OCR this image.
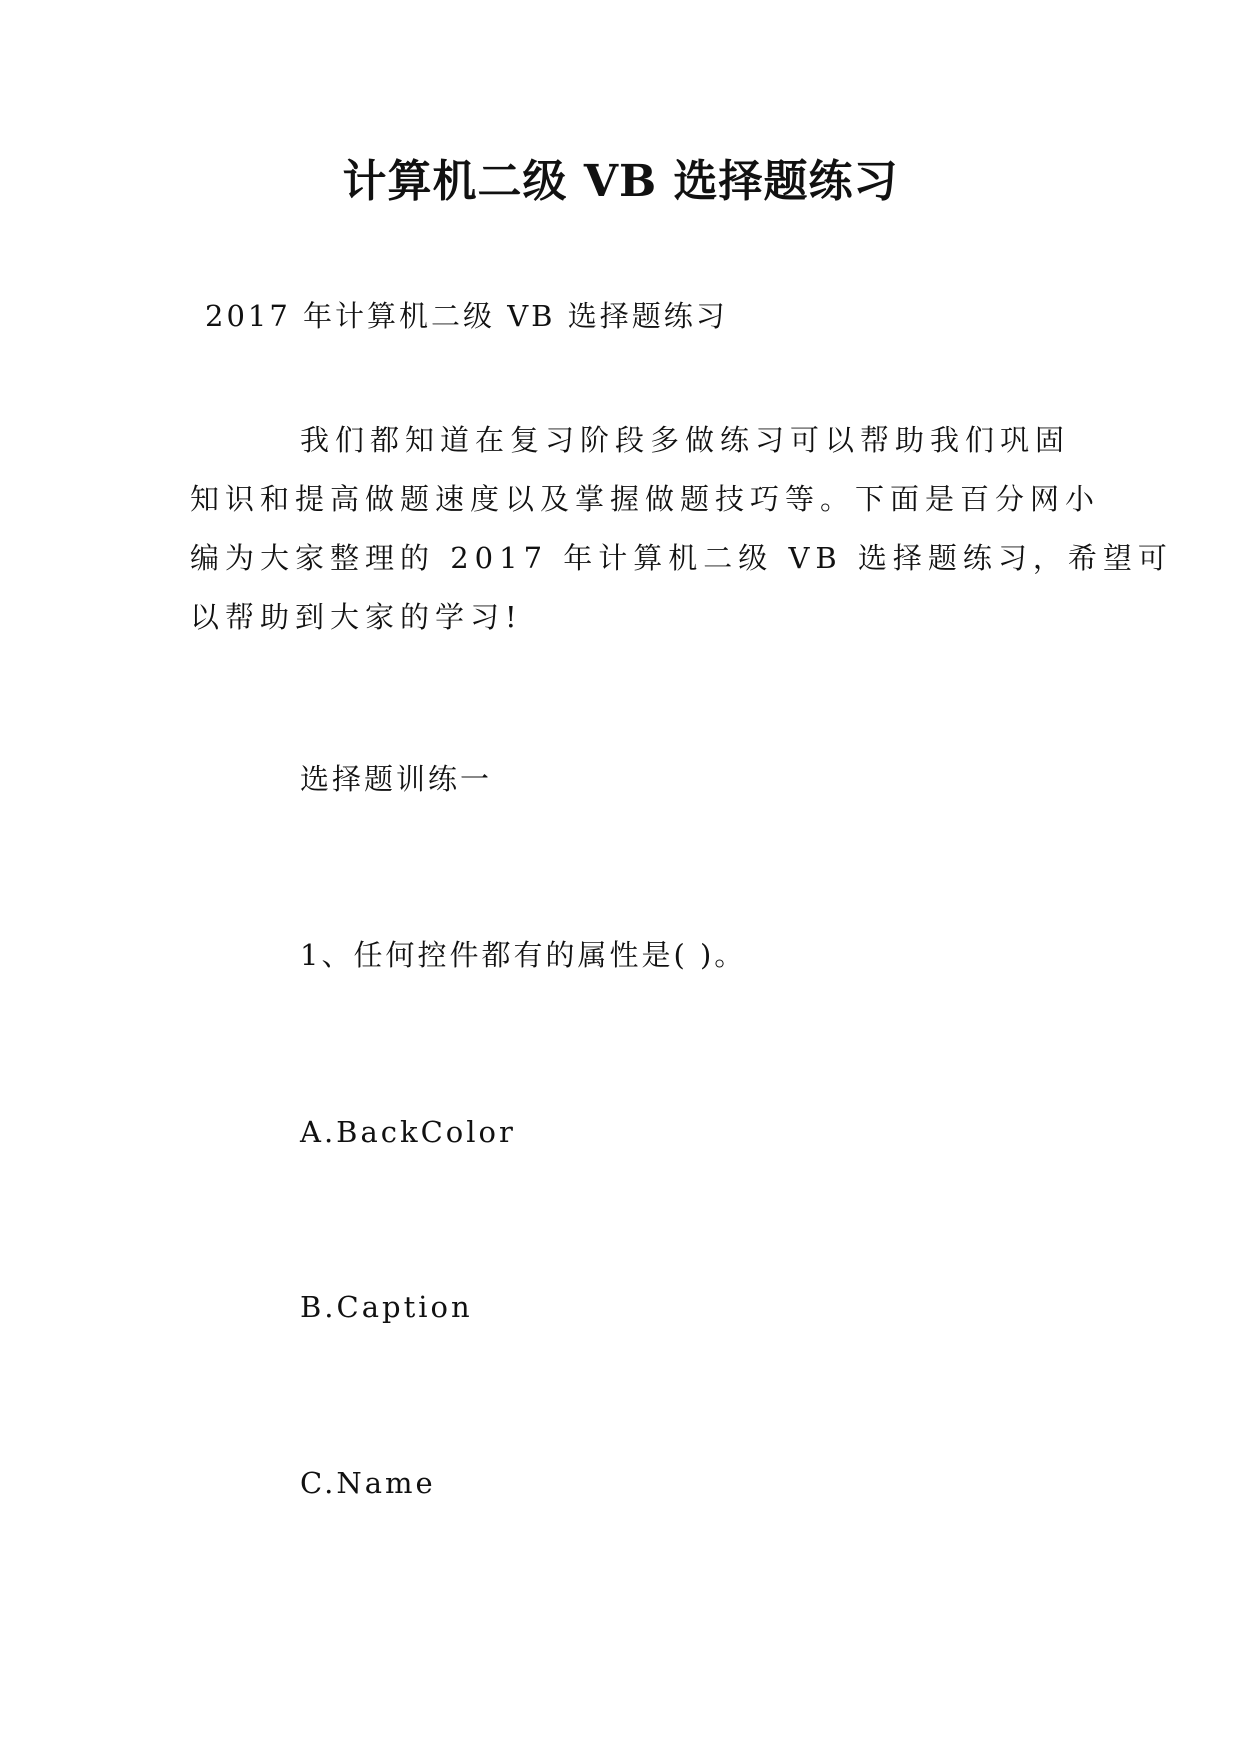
计算机二级 VB 选择题练习
2017 年计算机二级 VB 选择题练习
我们都知道在复习阶段多做练习可以帮助我们巩固
知识和提高做题速度以及掌握做题技巧等。下面是百分网小
编为大家整理的 2017 年计算机二级 VB 选择题练习，希望可
以帮助到大家的学习!
选择题训练一
1、任何控件都有的属性是( )。
A.BackColor
B.Caption
C.Name
